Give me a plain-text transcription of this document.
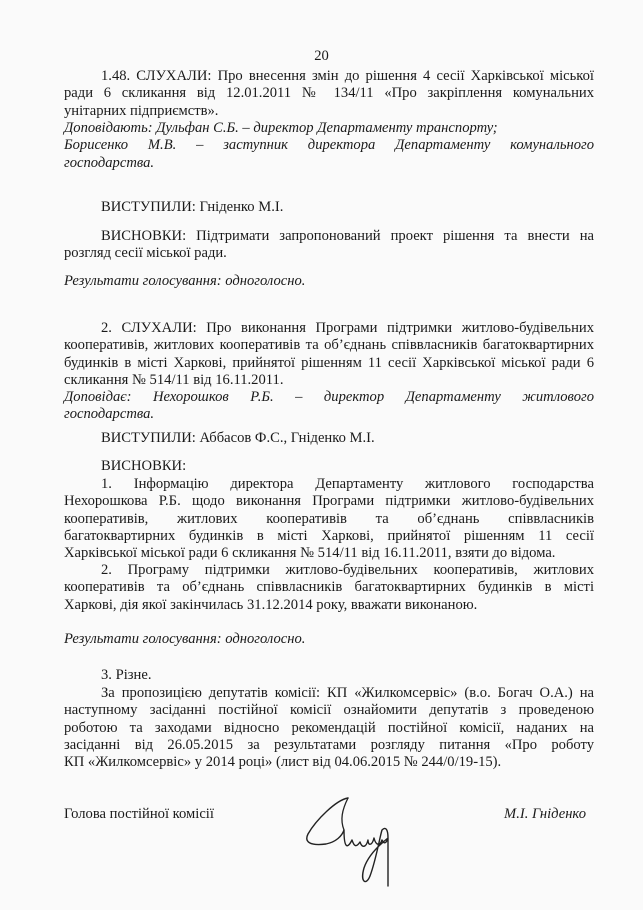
20
1.48. СЛУХАЛИ: Про внесення змін до рішення 4 сесії Харківської міської
ради 6 скликання від 12.01.2011 № 134/11 «Про закріплення комунальних
унітарних підприємств».
Доповідають: Дульфан С.Б. – директор Департаменту транспорту;
Борисенко М.В. – заступник директора Департаменту комунального
господарства.
ВИСТУПИЛИ: Гніденко М.І.
ВИСНОВКИ: Підтримати запропонований проект рішення та внести на
розгляд сесії міської ради.
Результати голосування: одноголосно.
2. СЛУХАЛИ: Про виконання Програми підтримки житлово-будівельних
кооперативів, житлових кооперативів та об’єднань співвласників багатоквартирних
будинків в місті Харкові, прийнятої рішенням 11 сесії Харківської міської ради 6
скликання № 514/11 від 16.11.2011.
Доповідає: Нехорошков Р.Б. – директор Департаменту житлового
господарства.
ВИСТУПИЛИ: Аббасов Ф.С., Гніденко М.І.
ВИСНОВКИ:
1. Інформацію директора Департаменту житлового господарства
Нехорошкова Р.Б. щодо виконання Програми підтримки житлово-будівельних
кооперативів, житлових кооперативів та об’єднань співвласників
багатоквартирних будинків в місті Харкові, прийнятої рішенням 11 сесії
Харківської міської ради 6 скликання № 514/11 від 16.11.2011, взяти до відома.
2. Програму підтримки житлово-будівельних кооперативів, житлових
кооперативів та об’єднань співвласників багатоквартирних будинків в місті
Харкові, дія якої закінчилась 31.12.2014 року, вважати виконаною.
Результати голосування: одноголосно.
3. Різне.
За пропозицією депутатів комісії: КП «Жилкомсервіс» (в.о. Богач О.А.) на
наступному засіданні постійної комісії ознайомити депутатів з проведеною
роботою та заходами відносно рекомендацій постійної комісії, наданих на
засіданні від 26.05.2015 за результатами розгляду питання «Про роботу
КП «Жилкомсервіс» у 2014 році» (лист від 04.06.2015 № 244/0/19-15).
Голова постійної комісії	М.І. Гніденко
